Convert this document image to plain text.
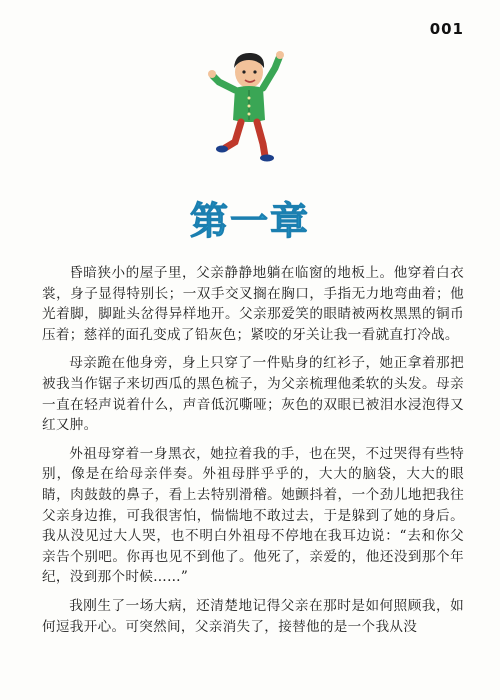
001
第一章

昏暗狭小的屋子里，父亲静静地躺在临窗的地板上。他穿着白衣裳，身子显得特别长；一双手交叉搁在胸口，手指无力地弯曲着；他光着脚，脚趾头岔得异样地开。父亲那爱笑的眼睛被两枚黑黑的铜币压着；慈祥的面孔变成了铅灰色；紧咬的牙关让我一看就直打冷战。

母亲跪在他身旁，身上只穿了一件贴身的红衫子，她正拿着那把被我当作锯子来切西瓜的黑色梳子，为父亲梳理他柔软的头发。母亲一直在轻声说着什么，声音低沉嘶哑；灰色的双眼已被泪水浸泡得又红又肿。

外祖母穿着一身黑衣，她拉着我的手，也在哭，不过哭得有些特别，像是在给母亲伴奏。外祖母胖乎乎的，大大的脑袋，大大的眼睛，肉鼓鼓的鼻子，看上去特别滑稽。她颤抖着，一个劲儿地把我往父亲身边推，可我很害怕，惴惴地不敢过去，于是躲到了她的身后。我从没见过大人哭，也不明白外祖母不停地在我耳边说：“去和你父亲告个别吧。你再也见不到他了。他死了，亲爱的，他还没到那个年纪，没到那个时候……”

我刚生了一场大病，还清楚地记得父亲在那时是如何照顾我，如何逗我开心。可突然间，父亲消失了，接替他的是一个我从没
